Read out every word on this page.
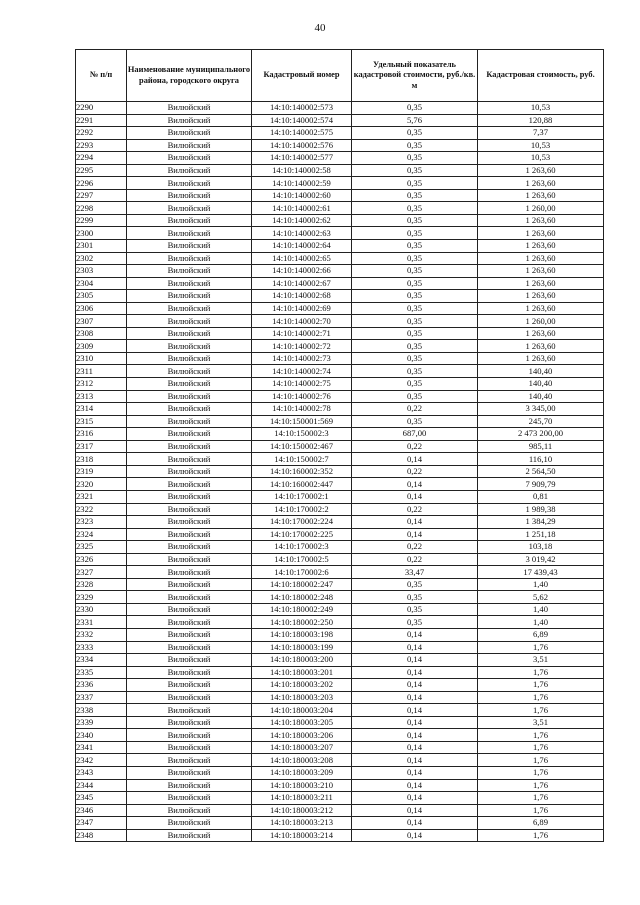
40
№ п/п	Наименование муниципального района, городского округа	Кадастровый номер	Удельный показатель кадастровой стоимости, руб./кв. м	Кадастровая стоимость, руб.
2290	Вилюйский	14:10:140002:573	0,35	10,53
2291	Вилюйский	14:10:140002:574	5,76	120,88
2292	Вилюйский	14:10:140002:575	0,35	7,37
2293	Вилюйский	14:10:140002:576	0,35	10,53
2294	Вилюйский	14:10:140002:577	0,35	10,53
2295	Вилюйский	14:10:140002:58	0,35	1 263,60
2296	Вилюйский	14:10:140002:59	0,35	1 263,60
2297	Вилюйский	14:10:140002:60	0,35	1 263,60
2298	Вилюйский	14:10:140002:61	0,35	1 260,00
2299	Вилюйский	14:10:140002:62	0,35	1 263,60
2300	Вилюйский	14:10:140002:63	0,35	1 263,60
2301	Вилюйский	14:10:140002:64	0,35	1 263,60
2302	Вилюйский	14:10:140002:65	0,35	1 263,60
2303	Вилюйский	14:10:140002:66	0,35	1 263,60
2304	Вилюйский	14:10:140002:67	0,35	1 263,60
2305	Вилюйский	14:10:140002:68	0,35	1 263,60
2306	Вилюйский	14:10:140002:69	0,35	1 263,60
2307	Вилюйский	14:10:140002:70	0,35	1 260,00
2308	Вилюйский	14:10:140002:71	0,35	1 263,60
2309	Вилюйский	14:10:140002:72	0,35	1 263,60
2310	Вилюйский	14:10:140002:73	0,35	1 263,60
2311	Вилюйский	14:10:140002:74	0,35	140,40
2312	Вилюйский	14:10:140002:75	0,35	140,40
2313	Вилюйский	14:10:140002:76	0,35	140,40
2314	Вилюйский	14:10:140002:78	0,22	3 345,00
2315	Вилюйский	14:10:150001:569	0,35	245,70
2316	Вилюйский	14:10:150002:3	687,00	2 473 200,00
2317	Вилюйский	14:10:150002:467	0,22	985,11
2318	Вилюйский	14:10:150002:7	0,14	116,10
2319	Вилюйский	14:10:160002:352	0,22	2 564,50
2320	Вилюйский	14:10:160002:447	0,14	7 909,79
2321	Вилюйский	14:10:170002:1	0,14	0,81
2322	Вилюйский	14:10:170002:2	0,22	1 989,38
2323	Вилюйский	14:10:170002:224	0,14	1 384,29
2324	Вилюйский	14:10:170002:225	0,14	1 251,18
2325	Вилюйский	14:10:170002:3	0,22	103,18
2326	Вилюйский	14:10:170002:5	0,22	3 019,42
2327	Вилюйский	14:10:170002:6	33,47	17 439,43
2328	Вилюйский	14:10:180002:247	0,35	1,40
2329	Вилюйский	14:10:180002:248	0,35	5,62
2330	Вилюйский	14:10:180002:249	0,35	1,40
2331	Вилюйский	14:10:180002:250	0,35	1,40
2332	Вилюйский	14:10:180003:198	0,14	6,89
2333	Вилюйский	14:10:180003:199	0,14	1,76
2334	Вилюйский	14:10:180003:200	0,14	3,51
2335	Вилюйский	14:10:180003:201	0,14	1,76
2336	Вилюйский	14:10:180003:202	0,14	1,76
2337	Вилюйский	14:10:180003:203	0,14	1,76
2338	Вилюйский	14:10:180003:204	0,14	1,76
2339	Вилюйский	14:10:180003:205	0,14	3,51
2340	Вилюйский	14:10:180003:206	0,14	1,76
2341	Вилюйский	14:10:180003:207	0,14	1,76
2342	Вилюйский	14:10:180003:208	0,14	1,76
2343	Вилюйский	14:10:180003:209	0,14	1,76
2344	Вилюйский	14:10:180003:210	0,14	1,76
2345	Вилюйский	14:10:180003:211	0,14	1,76
2346	Вилюйский	14:10:180003:212	0,14	1,76
2347	Вилюйский	14:10:180003:213	0,14	6,89
2348	Вилюйский	14:10:180003:214	0,14	1,76
